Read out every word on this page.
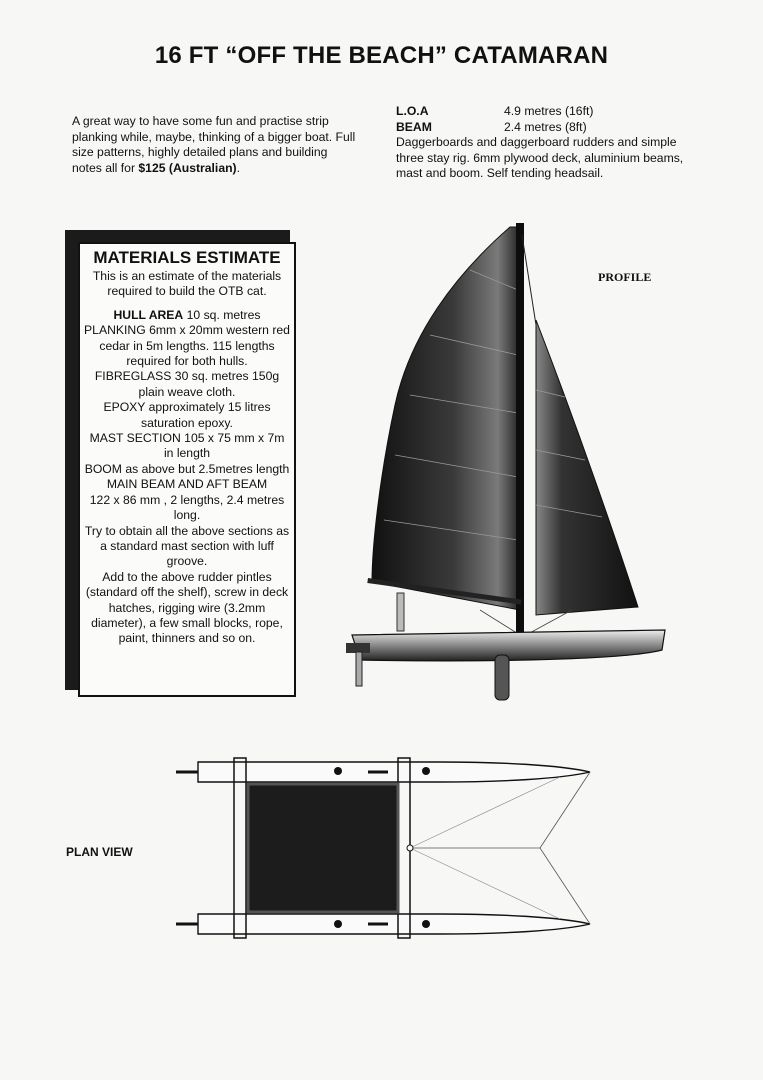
16 FT “OFF THE BEACH” CATAMARAN
A great way to have some fun and practise strip planking while, maybe, thinking of a bigger boat. Full size patterns, highly detailed plans and building notes all for $125 (Australian).
L.O.A	4.9 metres (16ft)
BEAM	2.4 metres (8ft)
Daggerboards and daggerboard rudders and simple three stay rig. 6mm plywood deck, aluminium beams, mast and boom. Self tending headsail.
MATERIALS ESTIMATE

This is an estimate of the materials required to build the OTB cat.

HULL AREA 10 sq. metres
PLANKING 6mm x 20mm western red cedar in 5m lengths. 115 lengths required for both hulls.
FIBREGLASS 30 sq. metres 150g plain weave cloth.
EPOXY approximately 15 litres saturation epoxy.
MAST SECTION 105 x 75 mm x 7m in length
BOOM as above but 2.5metres length
MAIN BEAM AND AFT BEAM
122 x 86 mm , 2 lengths, 2.4 metres long.

Try to obtain all the above sections as a standard mast section with luff groove.

Add to the above rudder pintles (standard off the shelf), screw in deck hatches, rigging wire (3.2mm diameter), a few small blocks, rope, paint, thinners and so on.

PROFILE
PLAN VIEW
